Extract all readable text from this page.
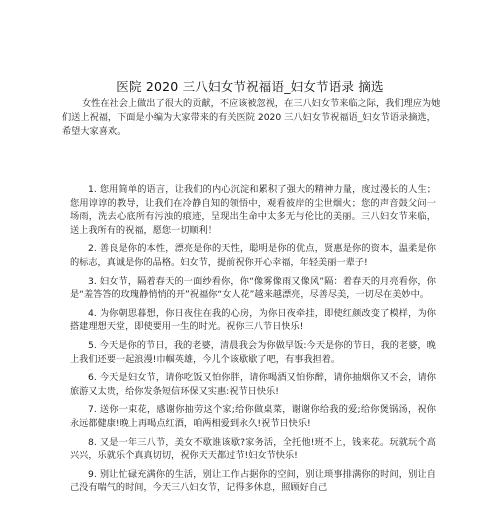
医院 2020 三八妇女节祝福语_妇女节语录 摘选
女性在社会上做出了很大的贡献，不应该被忽视，在三八妇女节来临之际，我们理应为她们送上祝福，下面是小编为大家带来的有关医院 2020 三八妇女节祝福语_妇女节语录摘选，希望大家喜欢。

1. 您用简单的语言，让我们的内心沉淀和累积了强大的精神力量，度过漫长的人生；您用谆谆的教导，让我们在冷静自知的领悟中，观看彼岸的尘世烟火；您的声音鼓父问一场雨，洗去心底所有污浊的痕迹，呈现出生命中太多无与伦比的美丽。三八妇女节来临，送上我所有的祝福，愿您一切顺利！

2. 善良是你的本性，漂亮是你的天性，聪明是你的优点，贤惠是你的资本，温柔是你的标志，真诚是你的品格。妇女节，提前祝你开心幸福，年轻美丽一辈子!

3. 妇女节，隔着春天的一面纱看你，你“像雾像雨又像风”隔：着春天的月亮看你，你是“羞答答的玫瑰静悄悄的开”祝福你“女人花”越来越漂亮，尽善尽美，一切尽在美妙中。

4. 为你朝思暮想，你日夜住在我的心房，为你日夜牵挂，即使红颜改变了模样，为你搭建理想天堂，即使要用一生的时光。祝你三八节日快乐!

5. 今天是你的节日，我的老婆，清晨我会为你做早饭:今天是你的节日，我的老婆，晚上我们还要一起浪漫!巾帼英雄，今儿个该歇歇了吧，有事我担着。

6. 今天是妇女节，请你吃饭又怕你胖，请你喝酒又怕你醉，请你抽烟你又不会，请你旅游又太贵，给你发条短信环保又实惠:祝节日快乐!

7. 送你一束花，感谢你抽劳这个家;给你做桌菜，谢谢你给我的爱;给你煲锅汤，祝你永远都健康!晚上再喝点红酒，咱两相爱到永久!祝节日快乐!

8. 又是一年三八节，美女不歇谁该歇?家务活，全托他!班不上，钱来花。玩就玩个高兴兴，乐就乐个真真切切，祝你天天都过节!妇女节快乐!

9. 别让忙碌充满你的生活，别让工作占据你的空间，别让琐事排满你的时间，别让自己没有喘气的时间，今天三八妇女节，记得多休息，照顾好自己
